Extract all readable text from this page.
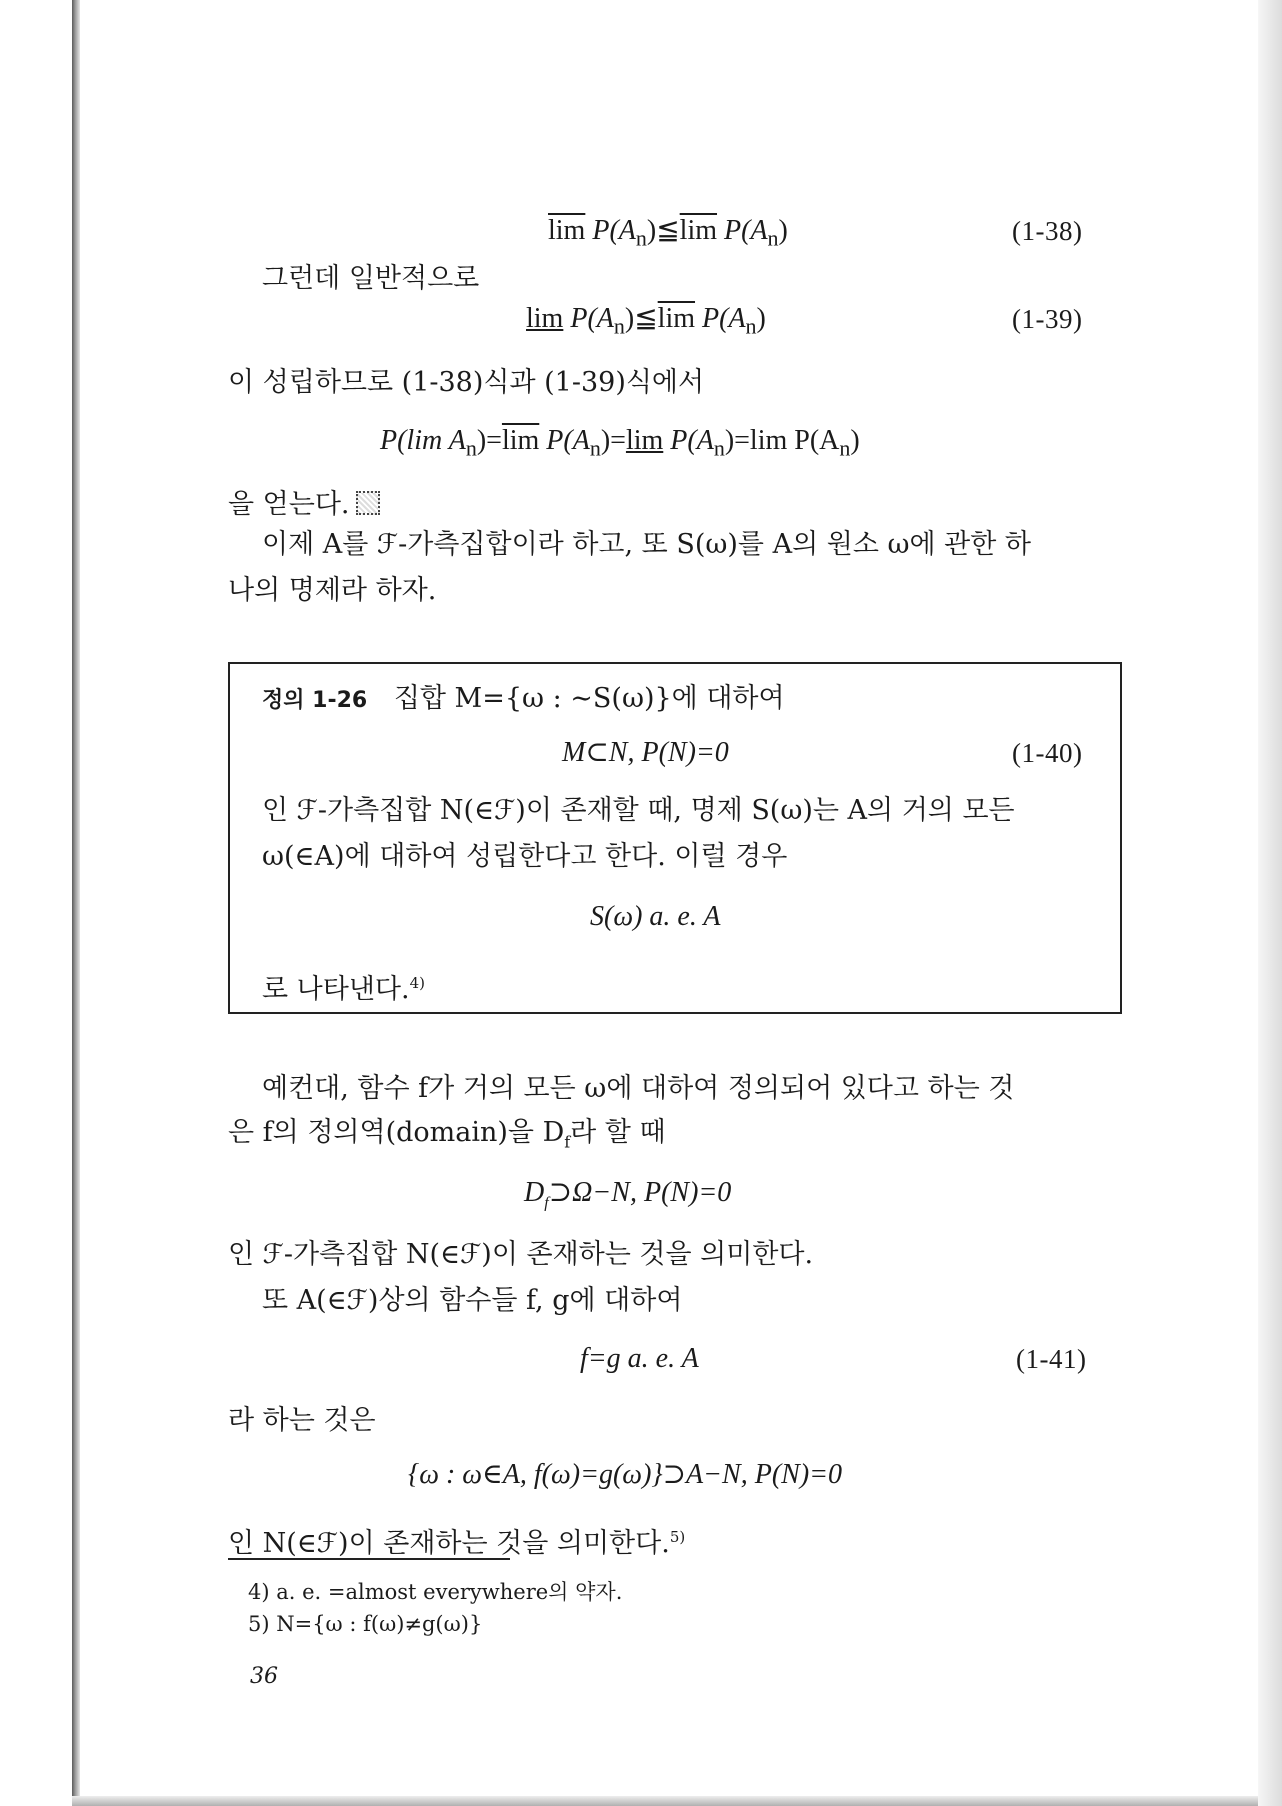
$\overline{lim}$ $P(A_n)≦\overline{lim}$ $P(A_n)$	(1-38)
그런데 일반적으로
$\lim P(A_n)≦\overline{lim}$ $P(A_n)$	(1-39)
이 성립하므로 (1-38)식과 (1-39)식에서
P(lim $A_n)=\overline{lim}$ $P(A_n)=\lim$ $P(A_n)=\lim$ $P(A_n)$
을 얻는다.
이제 A를 ℱ-가측집합이라 하고, 또 S(ω)를 A의 원소 ω에 관한 하
나의 명제라 하자.
정의 1-26 집합 M={ω : ∼S(ω)}에 대하여
M⊂N, P(N)=0	(1-40)
인 ℱ-가측집합 N(∈ℱ)이 존재할 때, 명제 S(ω)는 A의 거의 모든
ω(∈A)에 대하여 성립한다고 한다. 이럴 경우
S(ω) a. e. A
로 나타낸다.$^{4)}$
예컨대, 함수 f가 거의 모든 ω에 대하여 정의되어 있다고 하는 것
은 f의 정의역(domain)을 $D_f$라 할 때
$D_f⊃\Omega-N$, P(N)=0
인 ℱ-가측집합 N(∈ℱ)이 존재하는 것을 의미한다.
또 A(∈ℱ)상의 함수들 f, g에 대하여
f=g a. e. A	(1-41)
라 하는 것은
{ω : ω∈A, f(ω)=g(ω)}⊃A−N, P(N)=0
인 N(∈ℱ)이 존재하는 것을 의미한다.$^{5)}$
4) a. e. =almost everywhere의 약자.
5) N={ω : f(ω)≠g(ω)}
36
